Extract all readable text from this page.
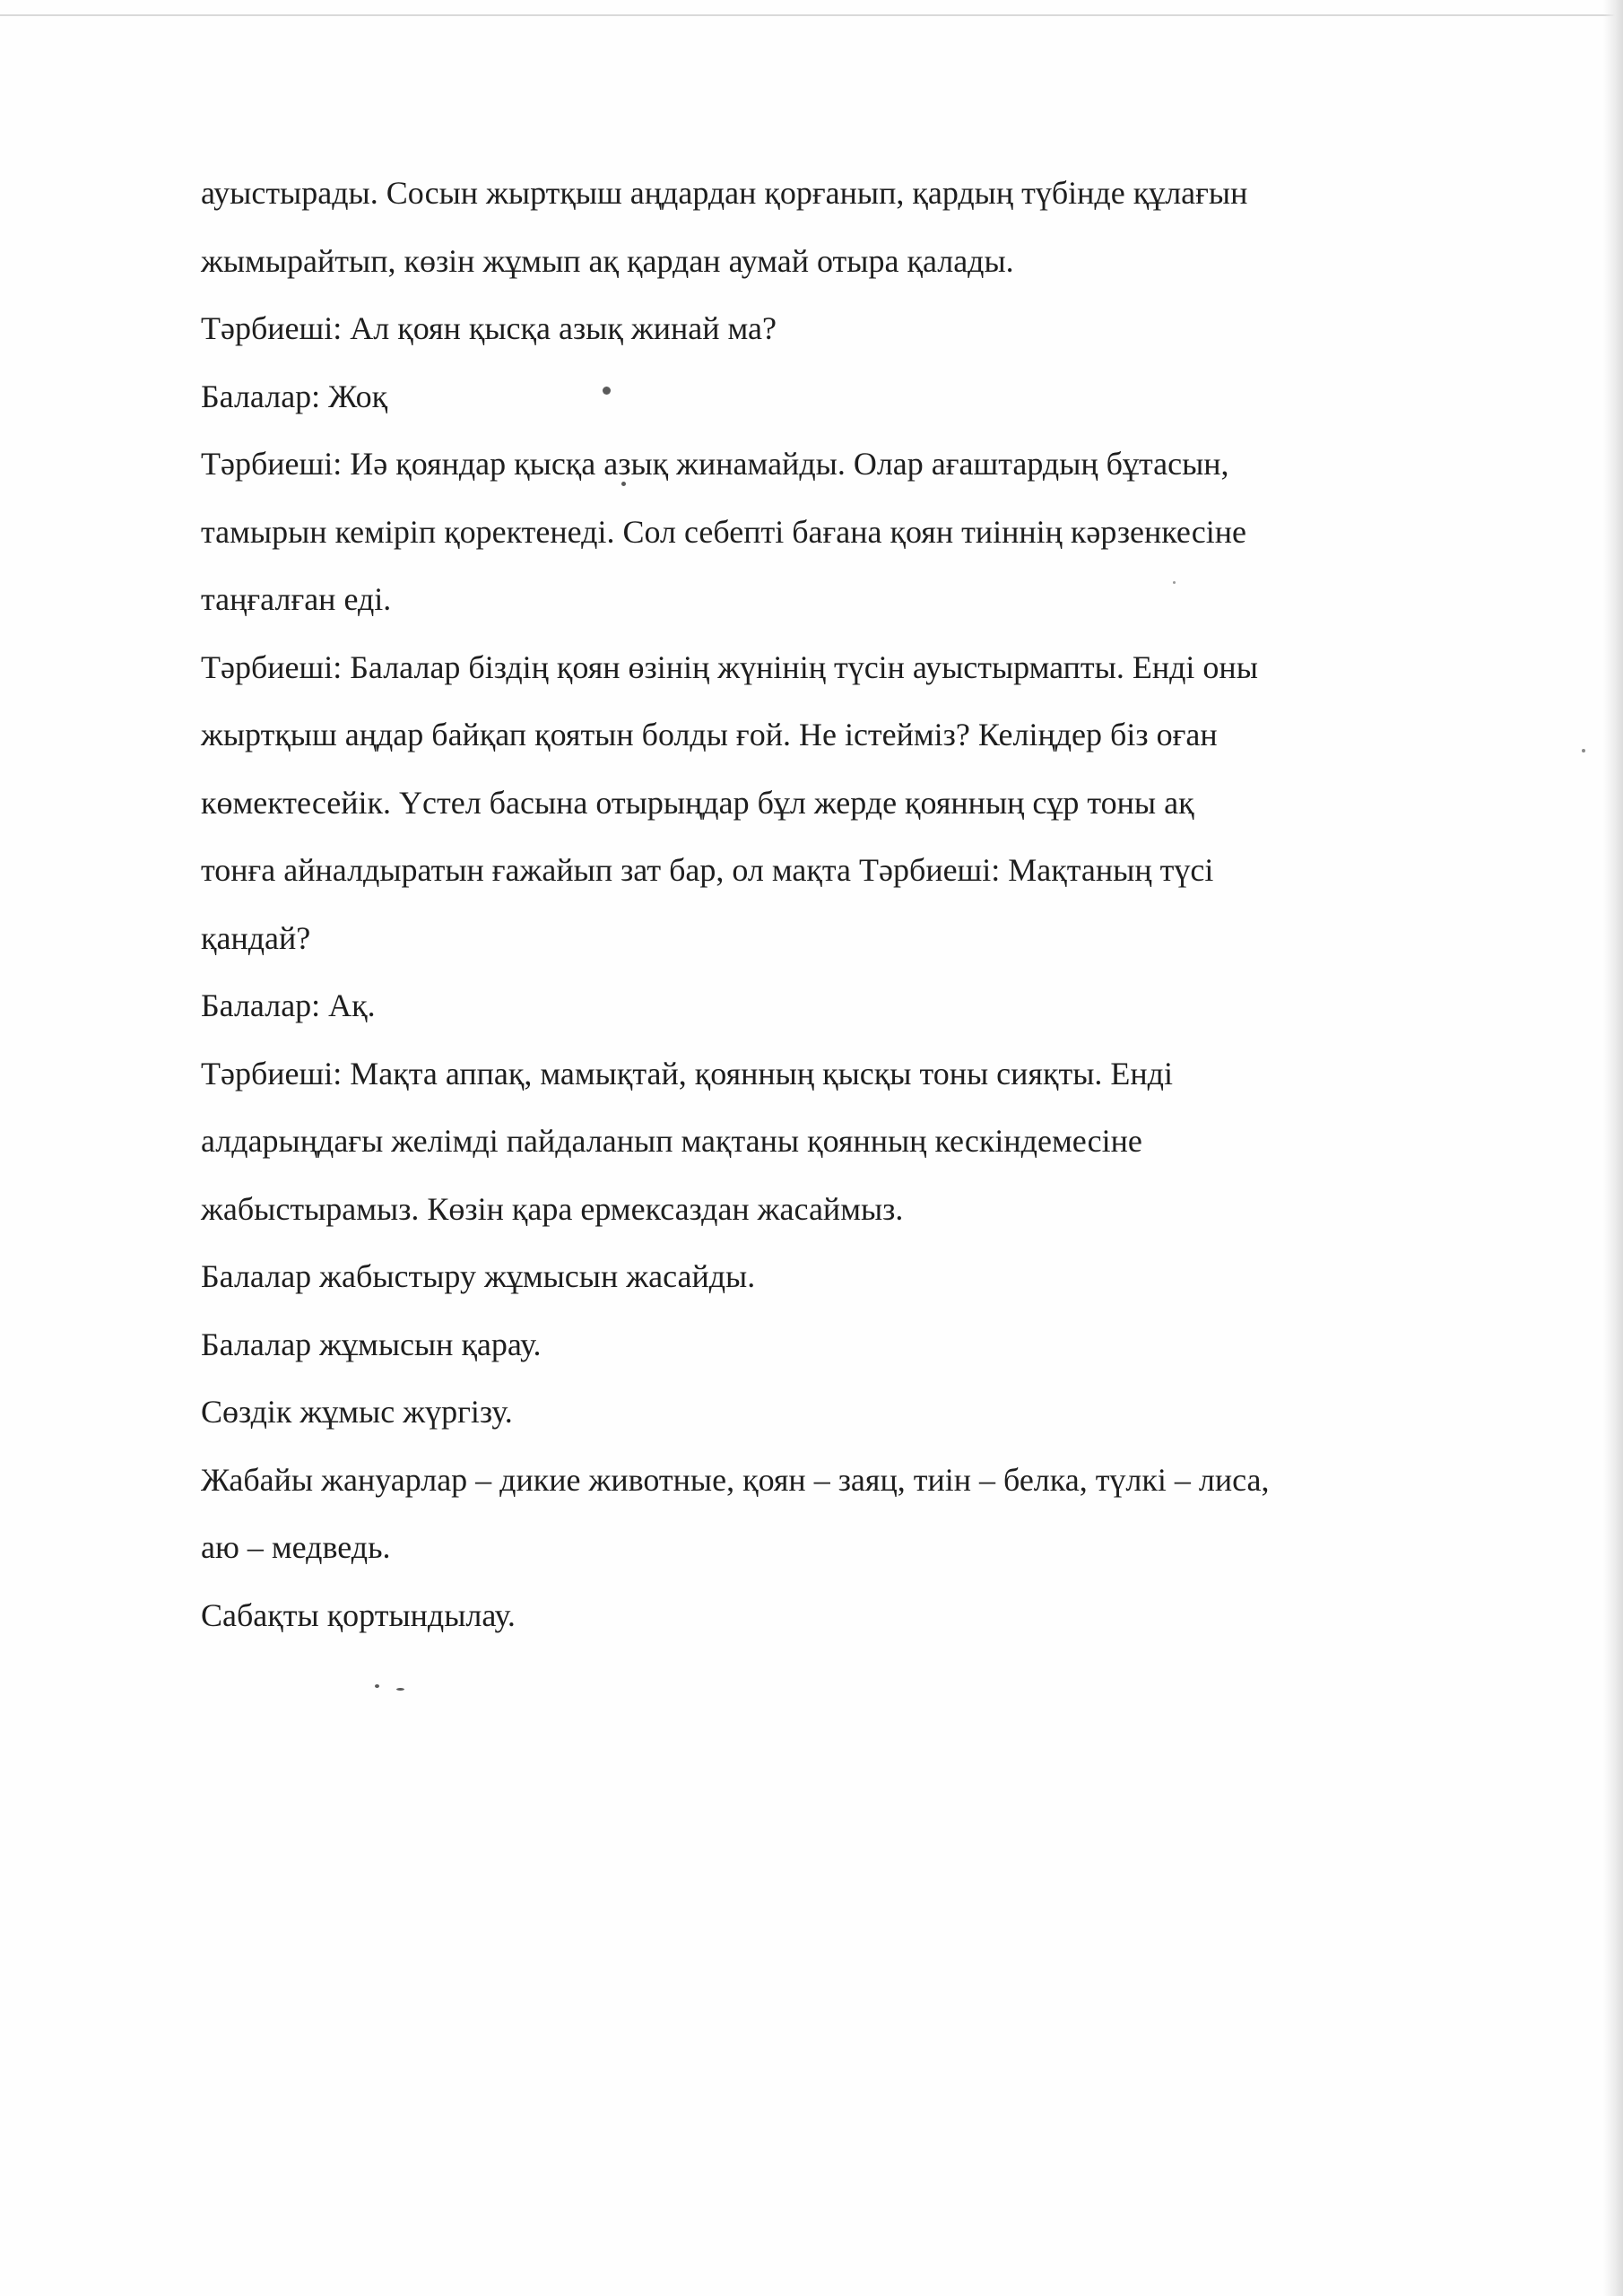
ауыстырады. Сосын жыртқыш аңдардан қорғанып, қардың түбінде құлағын
жымырайтып, көзін жұмып ақ қардан аумай отыра қалады.
Тәрбиеші: Ал қоян қысқа азық жинай ма?
Балалар: Жоқ
Тәрбиеші: Иә қояндар қысқа азық жинамайды. Олар ағаштардың бұтасын,
тамырын кеміріп қоректенеді. Сол себепті бағана қоян тиіннің кәрзенкесіне
таңғалған еді.
Тәрбиеші: Балалар біздің қоян өзінің жүнінің түсін ауыстырмапты. Енді оны
жыртқыш аңдар байқап қоятын болды ғой. Не істейміз? Келіңдер біз оған
көмектесейік. Үстел басына отырыңдар бұл жерде қоянның сұр тоны ақ
тонға айналдыратын ғажайып зат бар, ол мақта Тәрбиеші: Мақтаның түсі
қандай?
Балалар: Ақ.
Тәрбиеші: Мақта аппақ, мамықтай, қоянның қысқы тоны сияқты. Енді
алдарыңдағы желімді пайдаланып мақтаны қоянның кескіндемесіне
жабыстырамыз. Көзін қара ермексаздан жасаймыз.
Балалар жабыстыру жұмысын жасайды.
Балалар жұмысын қарау.
Сөздік жұмыс жүргізу.
Жабайы жануарлар – дикие животные, қоян – заяц, тиін – белка, түлкі – лиса,
аю – медведь.
Сабақты қортындылау.
